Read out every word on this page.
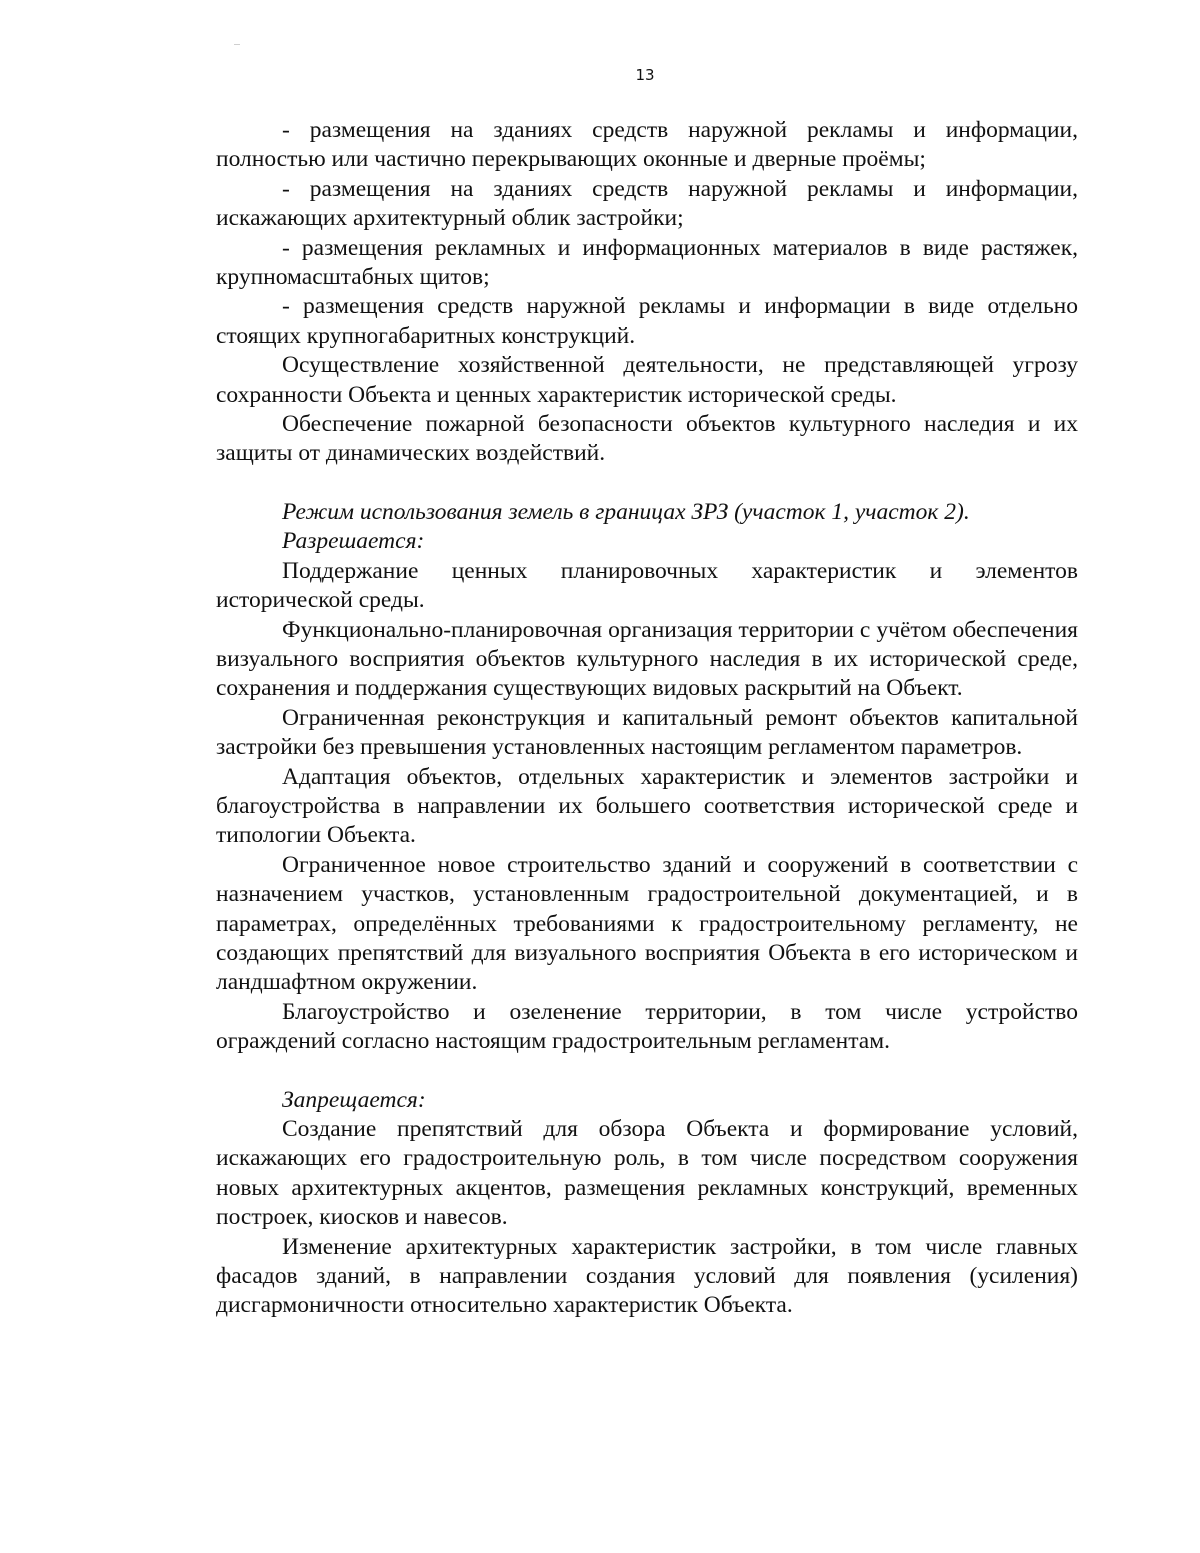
13

- размещения на зданиях средств наружной рекламы и информации, полностью или частично перекрывающих оконные и дверные проёмы;

- размещения на зданиях средств наружной рекламы и информации, искажающих архитектурный облик застройки;

- размещения рекламных и информационных материалов в виде растяжек, крупномасштабных щитов;

- размещения средств наружной рекламы и информации в виде отдельно стоящих крупногабаритных конструкций.

Осуществление хозяйственной деятельности, не представляющей угрозу сохранности Объекта и ценных характеристик исторической среды.

Обеспечение пожарной безопасности объектов культурного наследия и их защиты от динамических воздействий.

Режим использования земель в границах ЗРЗ (участок 1, участок 2).

Разрешается:

Поддержание ценных планировочных характеристик и элементов исторической среды.

Функционально-планировочная организация территории с учётом обеспечения визуального восприятия объектов культурного наследия в их исторической среде, сохранения и поддержания существующих видовых раскрытий на Объект.

Ограниченная реконструкция и капитальный ремонт объектов капитальной застройки без превышения установленных настоящим регламентом параметров.

Адаптация объектов, отдельных характеристик и элементов застройки и благоустройства в направлении их большего соответствия исторической среде и типологии Объекта.

Ограниченное новое строительство зданий и сооружений в соответствии с назначением участков, установленным градостроительной документацией, и в параметрах, определённых требованиями к градостроительному регламенту, не создающих препятствий для визуального восприятия Объекта в его историческом и ландшафтном окружении.

Благоустройство и озеленение территории, в том числе устройство ограждений согласно настоящим градостроительным регламентам.

Запрещается:

Создание препятствий для обзора Объекта и формирование условий, искажающих его градостроительную роль, в том числе посредством сооружения новых архитектурных акцентов, размещения рекламных конструкций, временных построек, киосков и навесов.

Изменение архитектурных характеристик застройки, в том числе главных фасадов зданий, в направлении создания условий для появления (усиления) дисгармоничности относительно характеристик Объекта.
